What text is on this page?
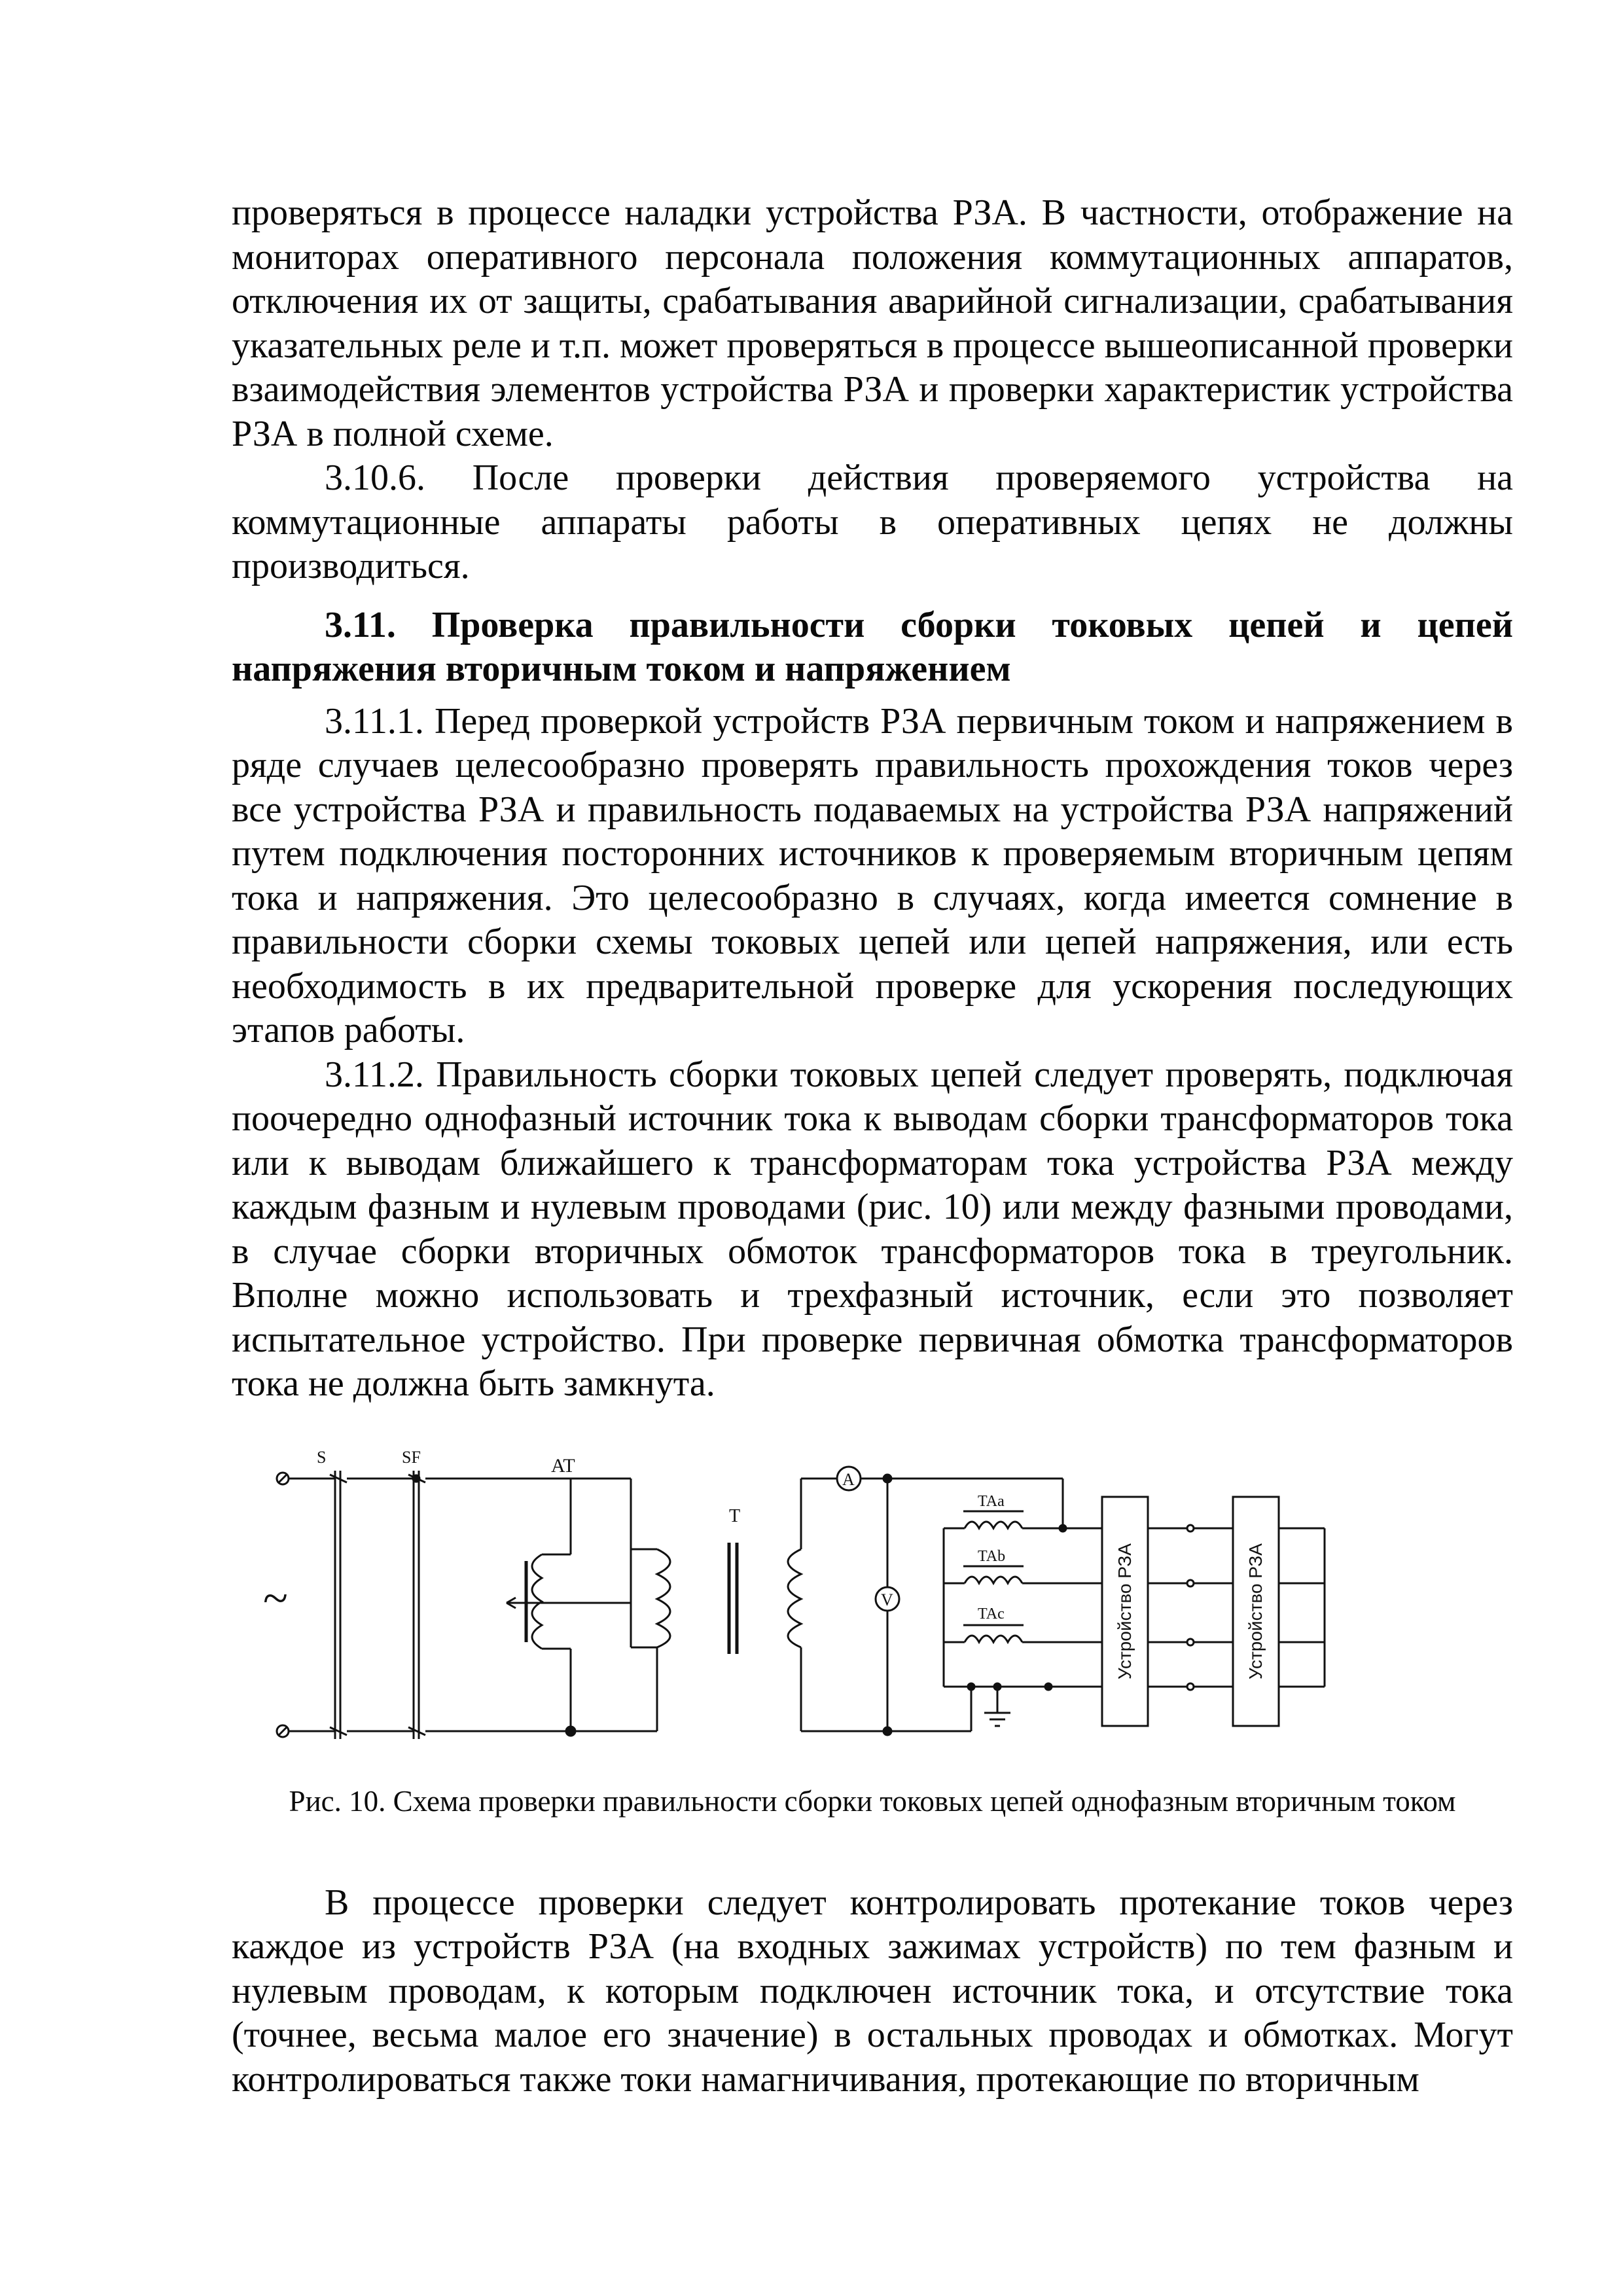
проверяться в процессе наладки устройства РЗА. В частности, отображение на мониторах оперативного персонала положения коммутационных аппаратов, отключения их от защиты, срабатывания аварийной сигнализации, срабатывания указательных реле и т.п. может проверяться в процессе вышеописанной проверки взаимодействия элементов устройства РЗА и проверки характеристик устройства РЗА в полной схеме.

3.10.6. После проверки действия проверяемого устройства на коммутационные аппараты работы в оперативных цепях не должны производиться.

3.11. Проверка правильности сборки токовых цепей и цепей напряжения вторичным током и напряжением

3.11.1. Перед проверкой устройств РЗА первичным током и напряжением в ряде случаев целесообразно проверять правильность прохождения токов через все устройства РЗА и правильность подаваемых на устройства РЗА напряжений путем подключения посторонних источников к проверяемым вторичным цепям тока и напряжения. Это целесообразно в случаях, когда имеется сомнение в правильности сборки схемы токовых цепей или цепей напряжения, или есть необходимость в их предварительной проверке для ускорения последующих этапов работы.

3.11.2. Правильность сборки токовых цепей следует проверять, подключая поочередно однофазный источник тока к выводам сборки трансформаторов тока или к выводам ближайшего к трансформаторам тока устройства РЗА между каждым фазным и нулевым проводами (рис. 10) или между фазными проводами, в случае сборки вторичных обмоток трансформаторов тока в треугольник. Вполне можно использовать и трехфазный источник, если это позволяет испытательное устройство. При проверке первичная обмотка трансформаторов тока не должна быть замкнута.

~
S	SF	AT
T
A
V
TAa
TAb
TAc	Устройство РЗА	Устройство РЗА

Рис. 10. Схема проверки правильности сборки токовых цепей однофазным вторичным током

В процессе проверки следует контролировать протекание токов через каждое из устройств РЗА (на входных зажимах устройств) по тем фазным и нулевым проводам, к которым подключен источник тока, и отсутствие тока (точнее, весьма малое его значение) в остальных проводах и обмотках. Могут контролироваться также токи намагничивания, протекающие по вторичным
